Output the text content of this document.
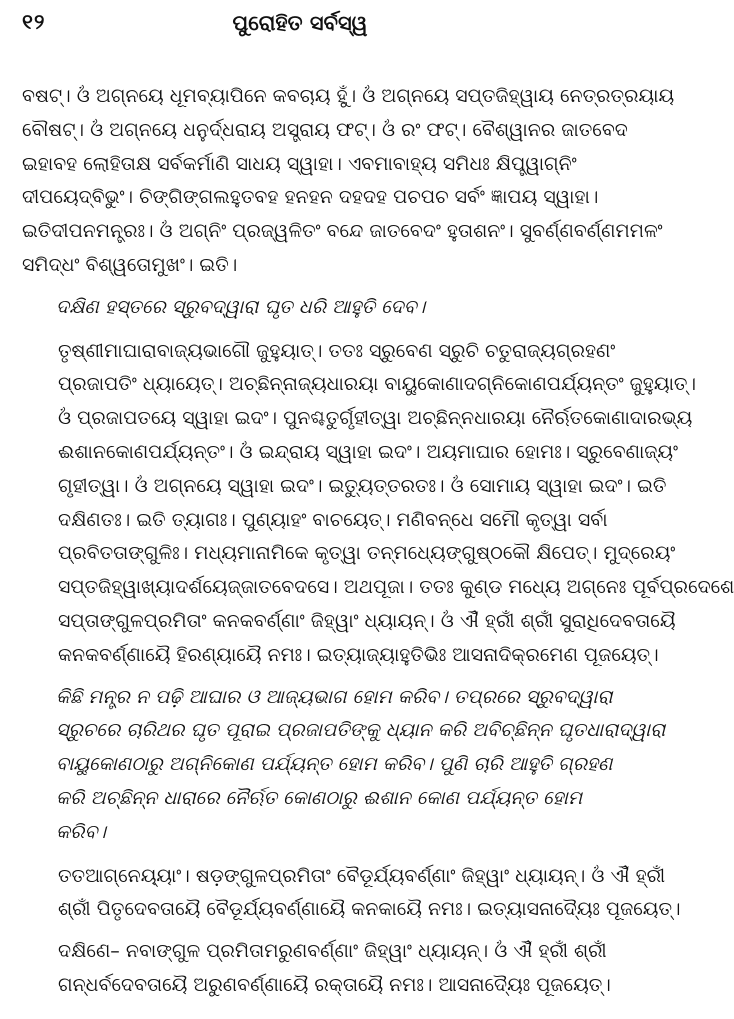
୧୨	ପୁରୋହିତ ସର୍ବସ୍ୱ
ବଷଟ୍। ଓଁ ଅଗ୍ନୟେ ଧୂମବ୍ୟାପିନେ କବଚାୟ ହୁଁ। ଓଁ ଅଗ୍ନୟେ ସପ୍ତଜିହ୍ୱାୟ ନେତ୍ରତ୍ରୟାୟ
ବୌଷଟ୍। ଓଁ ଅଗ୍ନୟେ ଧନୁର୍ଦ୍ଧରାୟ ଅସ୍ତ୍ରାୟ ଫଟ୍। ଓଁ ରଂ ଫଟ୍। ବୈଶ୍ୱାନର ଜାତବେଦ
ଇହାବହ ଲୋହିତାକ୍ଷ ସର୍ବକର୍ମାଣି ସାଧୟ ସ୍ୱାହା। ଏବମାବାହ୍ୟ ସମିଧଃ କ୍ଷିପ୍ତ୍ୱାଗ୍ନିଂ
ଦୀପୟେଦ୍‌ବିଭୁଂ। ଚିଙ୍ଗିଙ୍ଗଲହୁତବହ ହନହନ ଦହଦହ ପଚପଚ ସର୍ବଂ ଜ୍ଞାପୟ ସ୍ୱାହା।
ଇତିଦୀପନମନ୍ତ୍ରଃ। ଓଁ ଅଗ୍ନିଂ ପ୍ରଜ୍ୱଳିତଂ ବନ୍ଦେ ଜାତବେଦଂ ହୁତାଶନଂ। ସୁବର୍ଣ୍ଣବର୍ଣ୍ଣମମଳଂ
ସମିଦ୍ଧଂ ବିଶ୍ୱତୋମୁଖଂ। ଇତି।
ଦକ୍ଷିଣ ହସ୍ତରେ ସ୍ରୁବଦ୍ୱାରା ଘୃତ ଧରି ଆହୁତି ଦେବ।
ତୃଷ୍ଣୀମାଘାରାବାଜ୍ୟଭାଗୌ ଜୁହୁୟାତ୍। ତତଃ ସ୍ରୁବେଣ ସ୍ରୁଚି ଚତୁରାଜ୍ୟଗ୍ରହଣଂ
ପ୍ରଜାପତିଂ ଧ୍ୟାୟେତ୍। ଅଚ୍ଛିନ୍ନାଜ୍ୟଧାରୟା ବାୟୁକୋଣାଦଗ୍ନିକୋଣପର୍ଯ୍ୟନ୍ତଂ ଜୁହୁୟାତ୍।
ଓଁ ପ୍ରଜାପତୟେ ସ୍ୱାହା ଇଦଂ। ପୁନଶ୍ଚତୁର୍ଗୃହୀତ୍ୱା ଅଚ୍ଛିନ୍ନଧାରୟା ନୈର୍ଋତକୋଣାଦାରଭ୍ୟ
ଈଶାନକୋଣପର୍ଯ୍ୟନ୍ତଂ। ଓଁ ଇନ୍ଦ୍ରାୟ ସ୍ୱାହା ଇଦଂ। ଅୟମାଘାର ହୋମଃ। ସ୍ରୁବେଣାଜ୍ୟଂ
ଗୃହୀତ୍ୱା। ଓଁ ଅଗ୍ନୟେ ସ୍ୱାହା ଇଦଂ। ଇତ୍ୟୁତ୍ତରତଃ। ଓଁ ସୋମାୟ ସ୍ୱାହା ଇଦଂ। ଇତି
ଦକ୍ଷିଣତଃ। ଇତି ତ୍ୟାଗଃ। ପୁଣ୍ୟାହଂ ବାଚୟେତ୍। ମଣିବନ୍ଧେ ସମୌ କୃତ୍ୱା ସର୍ବା
ପ୍ରବିତତାଙ୍ଗୁଳିଃ। ମଧ୍ୟମାନାମିକେ କୃତ୍ୱା ତନ୍ମଧ୍ୟେଙ୍ଗୁଷ୍ଠକୌ କ୍ଷିପେତ୍। ମୁଦ୍ରେୟଂ
ସପ୍ତଜିହ୍ୱାଖ୍ୟାଦର୍ଶୟେଜ୍ଜାତବେଦସେ। ଅଥପୂଜା। ତତଃ କୁଣ୍ଡ ମଧ୍ୟେ ଅଗ୍ନେଃ ପୂର୍ବପ୍ରଦେଶେ
ସପ୍ତାଙ୍ଗୁଳପ୍ରମିତାଂ କନକବର୍ଣ୍ଣାଂ ଜିହ୍ୱାଂ ଧ୍ୟାୟନ୍। ଓଁ ଐଁ ହ୍ରୀଁ ଶ୍ରୀଁ ସୁରାଧିଦେବତାୟୈ
କନକବର୍ଣ୍ଣାୟୈ ହିରଣ୍ୟାୟୈ ନମଃ। ଇତ୍ୟାଜ୍ୟାହୁତିଭିଃ ଆସନାଦିକ୍ରମେଣ ପୂଜୟେତ୍।
କିଛି ମନ୍ତ୍ର ନ ପଢ଼ି ଆଘାର ଓ ଆଜ୍ୟଭାଗ ହୋମ କରିବ। ତପ୍ରରେ ସ୍ରୁବଦ୍ୱାରା
ସ୍ରୁଚରେ ଚାରିଥର ଘୃତ ପୂରାଇ ପ୍ରଜାପତିଙ୍କୁ ଧ୍ୟାନ କରି ଅବିଚ୍ଛିନ୍ନ ଘୃତଧାରାଦ୍ୱାରା
ବାୟୁକୋଣଠାରୁ ଅଗ୍ନିକୋଣ ପର୍ଯ୍ୟନ୍ତ ହୋମ କରିବ। ପୁଣି ଚାରି ଆହୁତି ଗ୍ରହଣ
କରି ଅଚ୍ଛିନ୍ନ ଧାରାରେ ନୈର୍ଋତ କୋଣଠାରୁ ଈଶାନ କୋଣ ପର୍ଯ୍ୟନ୍ତ ହୋମ
କରିବ।
ତତଆଗ୍ନେୟ୍ୟାଂ। ଷଡ଼ଙ୍ଗୁଳପ୍ରମିତାଂ ବୈଡୂର୍ଯ୍ୟବର୍ଣ୍ଣାଂ ଜିହ୍ୱାଂ ଧ୍ୟାୟନ୍। ଓଁ ଐଁ ହ୍ରୀଁ
ଶ୍ରୀଁ ପିତୃଦେବତାୟୈ ବୈଡୂର୍ଯ୍ୟବର୍ଣ୍ଣାୟୈ କନକାୟୈ ନମଃ। ଇତ୍ୟାସନାଦ୍ୟୈଃ ପୂଜୟେତ୍।
ଦକ୍ଷିଣେ– ନବାଙ୍ଗୁଳ ପ୍ରମିତାମରୁଣବର୍ଣ୍ଣାଂ ଜିହ୍ୱାଂ ଧ୍ୟାୟନ୍। ଓଁ ଐଁ ହ୍ରୀଁ ଶ୍ରୀଁ
ଗନ୍ଧର୍ବଦେବତାୟୈ ଅରୁଣବର୍ଣ୍ଣାୟୈ ରକ୍ତାୟୈ ନମଃ। ଆସନାଦ୍ୟୈଃ ପୂଜୟେତ୍।
